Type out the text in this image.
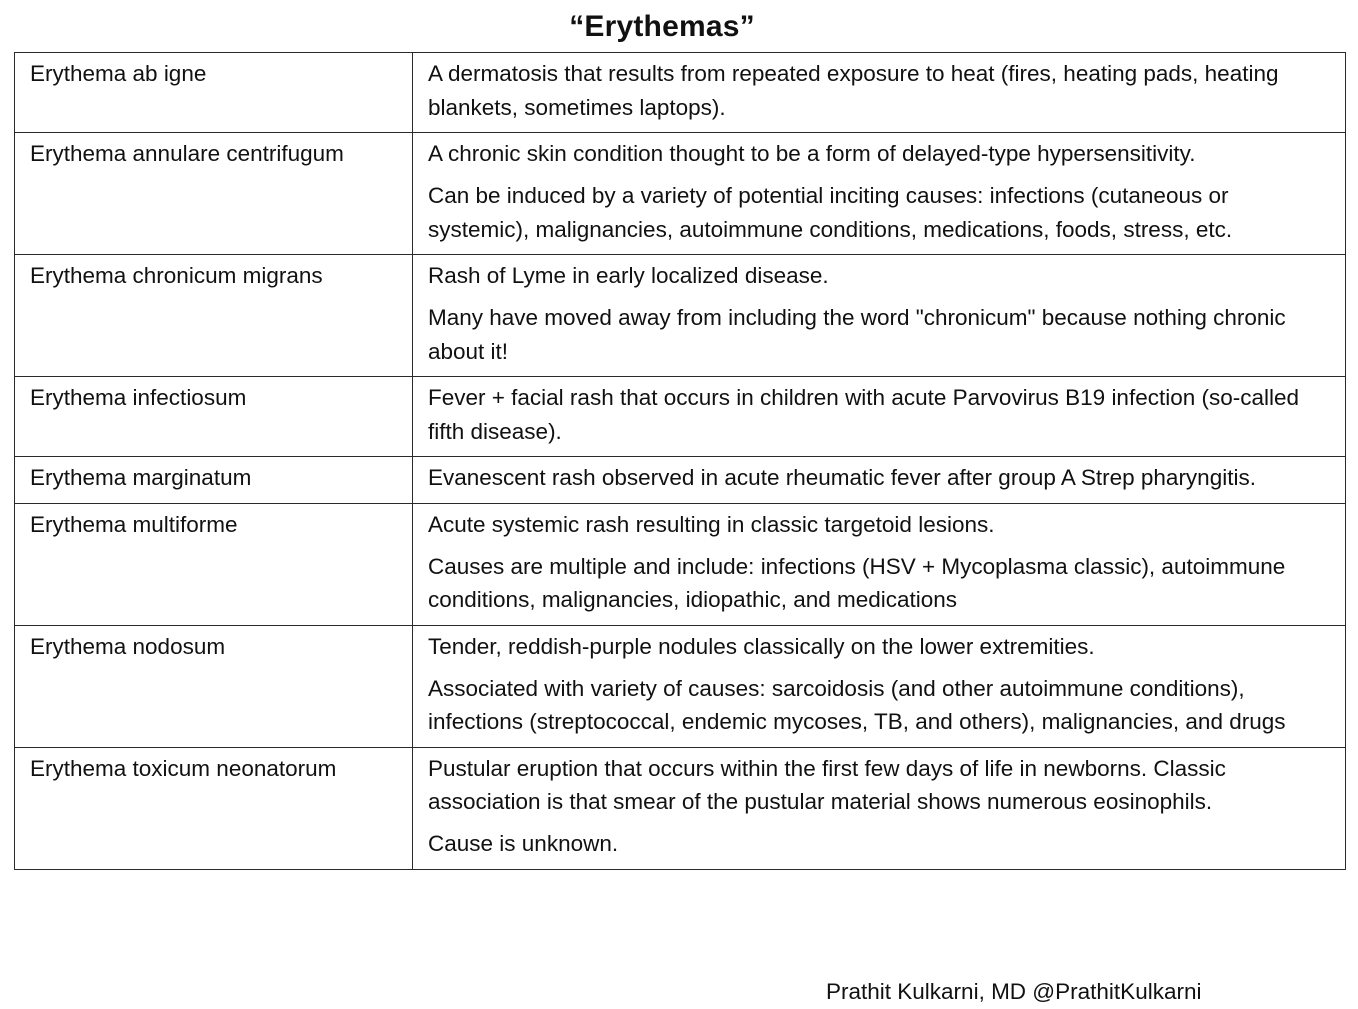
“Erythemas”
Erythema ab igne	A dermatosis that results from repeated exposure to heat (fires, heating pads, heating blankets, sometimes laptops).

Erythema annulare centrifugum	A chronic skin condition thought to be a form of delayed-type hypersensitivity.

Can be induced by a variety of potential inciting causes: infections (cutaneous or systemic), malignancies, autoimmune conditions, medications, foods, stress, etc.

Erythema chronicum migrans	Rash of Lyme in early localized disease.

Many have moved away from including the word "chronicum" because nothing chronic about it!

Erythema infectiosum	Fever + facial rash that occurs in children with acute Parvovirus B19 infection (so-called fifth disease).

Erythema marginatum	Evanescent rash observed in acute rheumatic fever after group A Strep pharyngitis.

Erythema multiforme	Acute systemic rash resulting in classic targetoid lesions.

Causes are multiple and include: infections (HSV + Mycoplasma classic), autoimmune conditions, malignancies, idiopathic, and medications

Erythema nodosum	Tender, reddish-purple nodules classically on the lower extremities.

Associated with variety of causes: sarcoidosis (and other autoimmune conditions), infections (streptococcal, endemic mycoses, TB, and others), malignancies, and drugs

Erythema toxicum neonatorum	Pustular eruption that occurs within the first few days of life in newborns. Classic association is that smear of the pustular material shows numerous eosinophils.

Cause is unknown.

Prathit Kulkarni, MD @PrathitKulkarni
